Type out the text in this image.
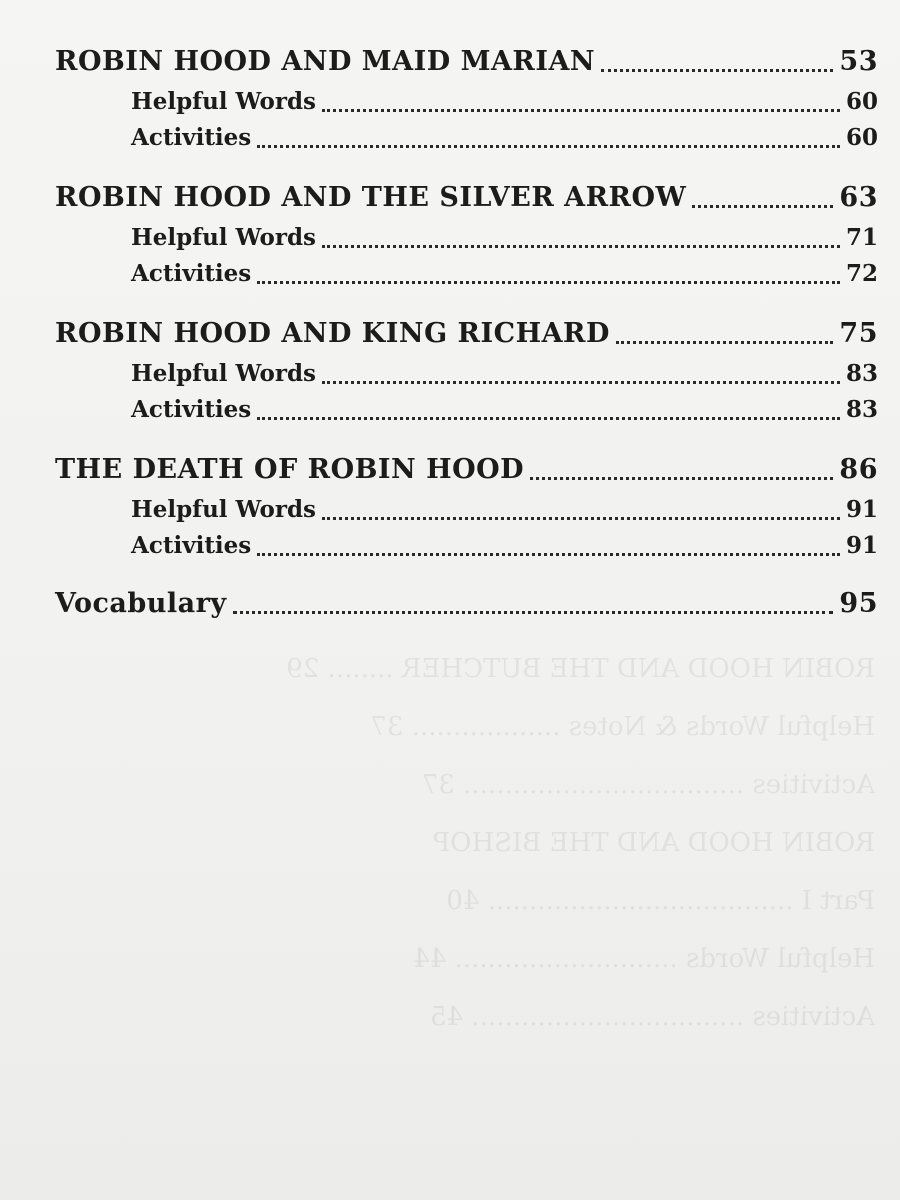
ROBIN HOOD AND THE BUTCHER ........ 29
Helpful Words & Notes .................. 37
Activities .................................. 37
ROBIN HOOD AND THE BISHOP
Part I ..................................... 40
Helpful Words ........................... 44
Activities ................................. 45
ROBIN HOOD AND MAID MARIAN	53
Helpful Words	60
Activities	60
ROBIN HOOD AND THE SILVER ARROW	63
Helpful Words	71
Activities	72
ROBIN HOOD AND KING RICHARD	75
Helpful Words	83
Activities	83
THE DEATH OF ROBIN HOOD	86
Helpful Words	91
Activities	91
Vocabulary	95
